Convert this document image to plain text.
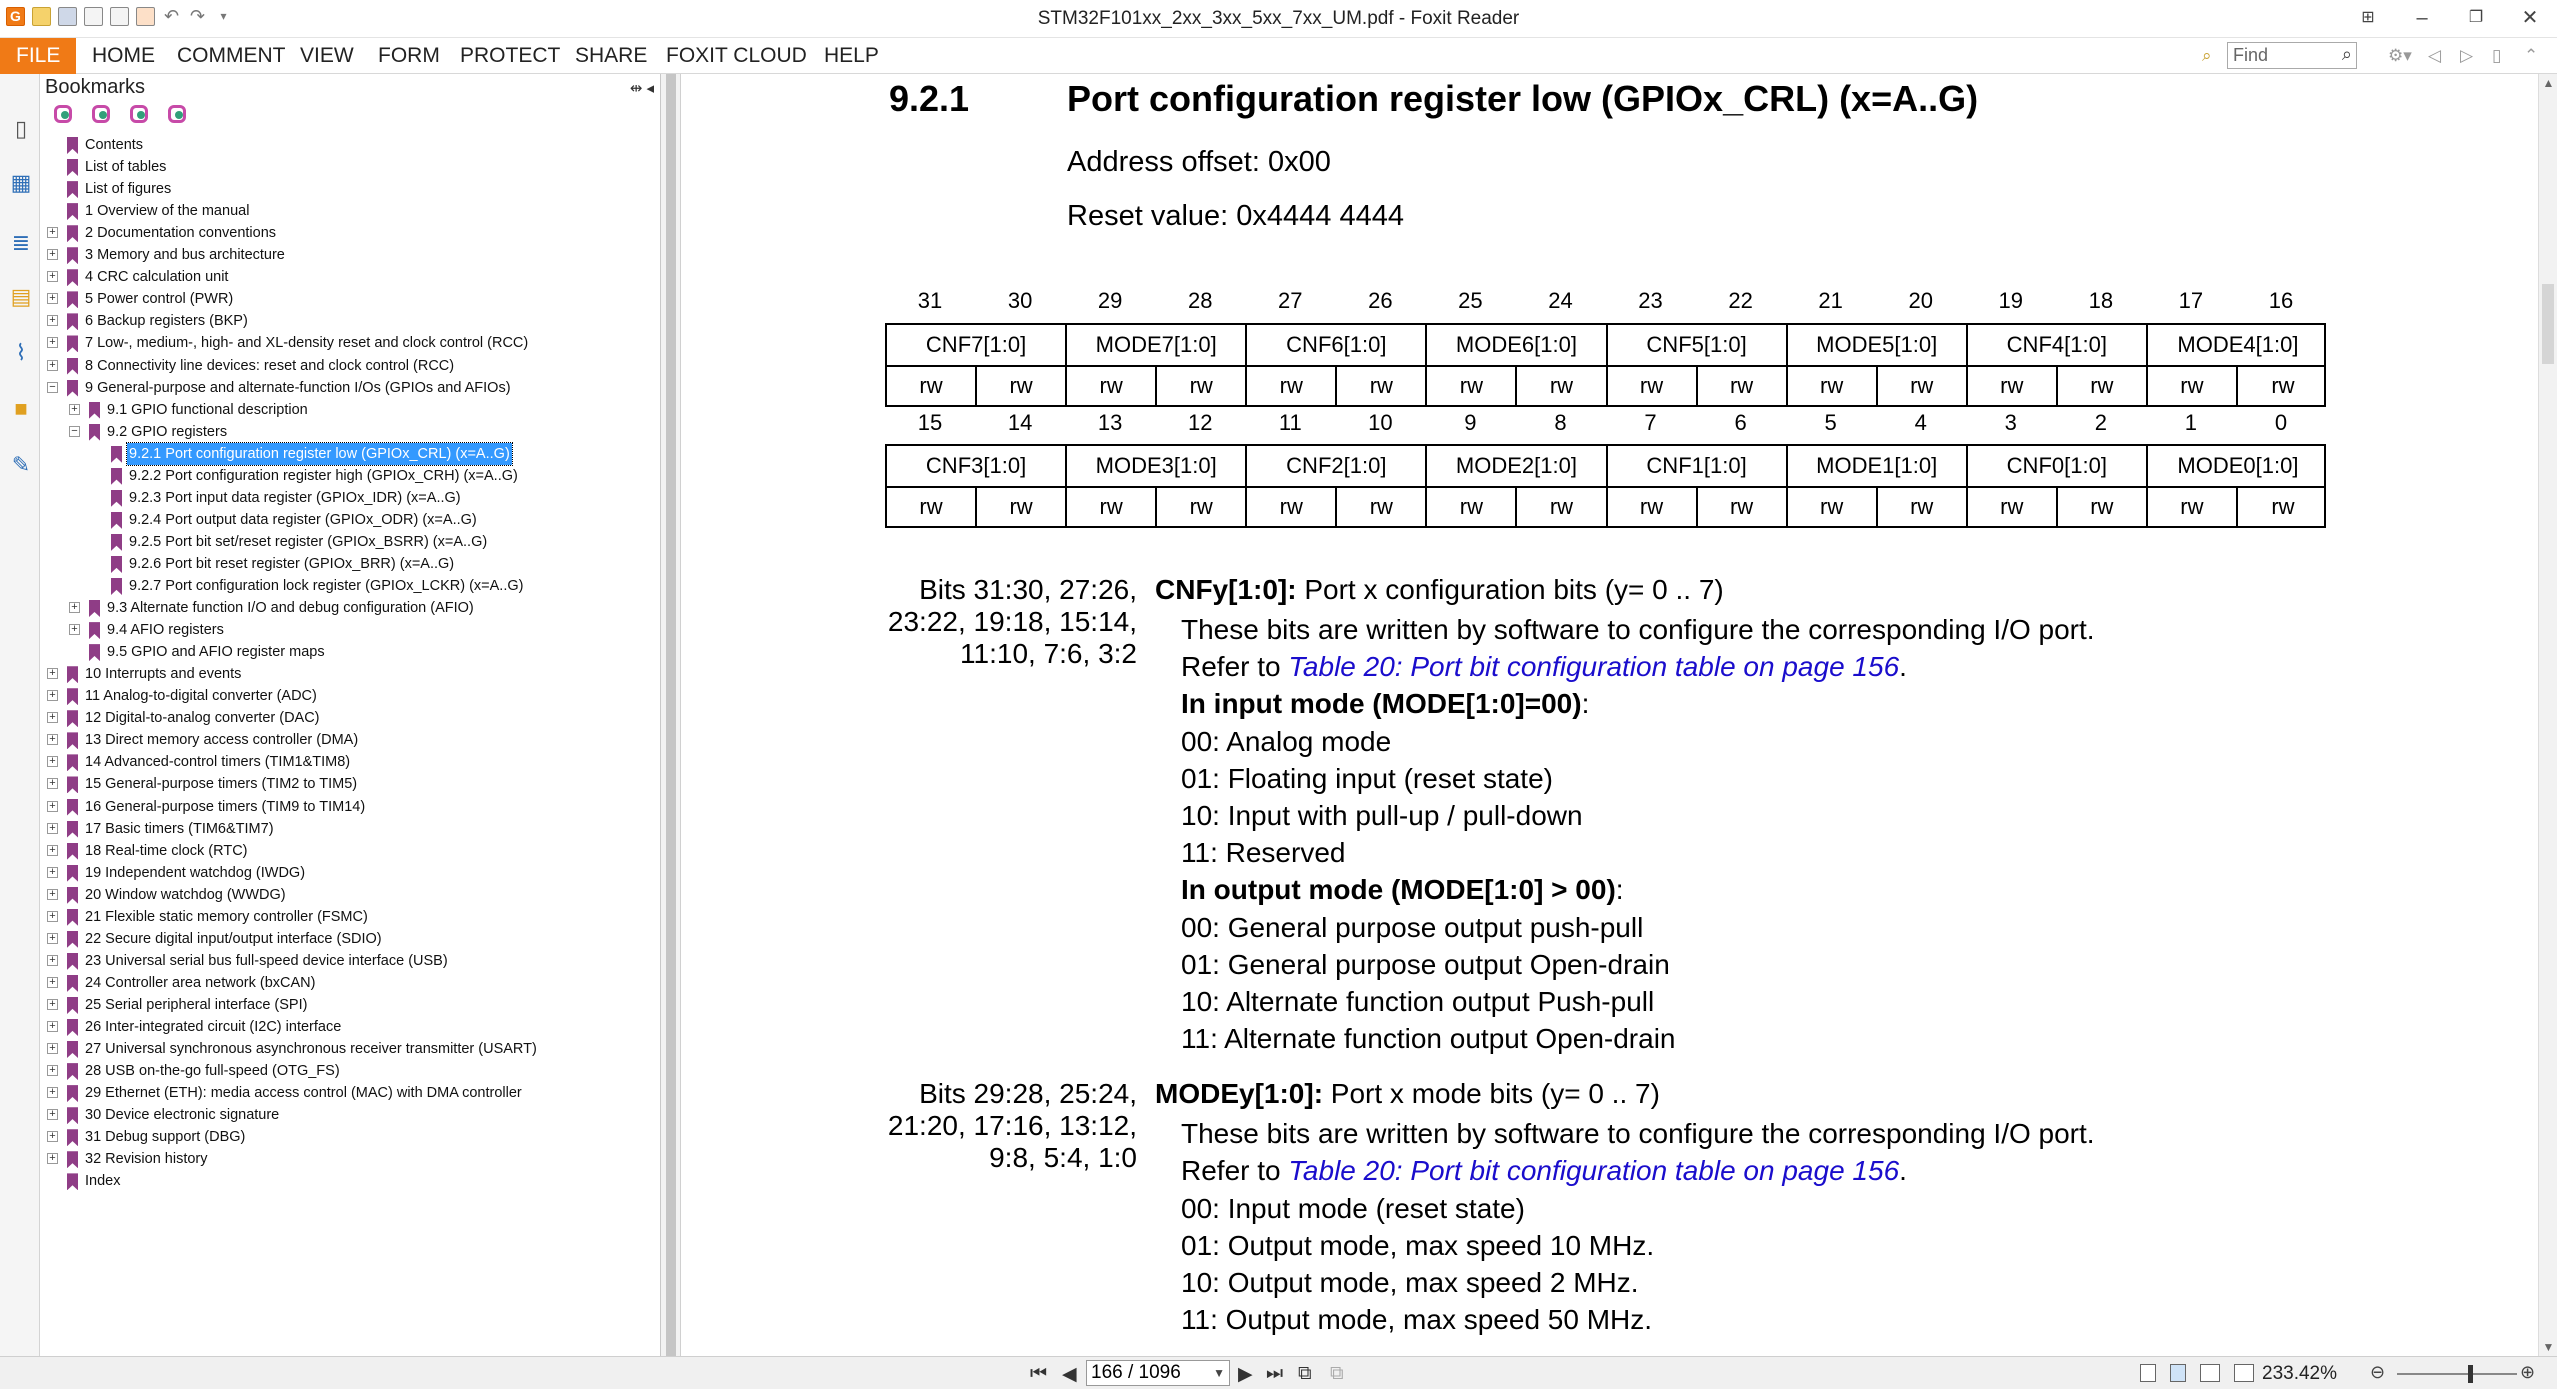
G	↶ ↷	▾	STM32F101xx_2xx_3xx_5xx_7xx_UM.pdf - Foxit Reader	⊞	–	❐	✕
FILE	HOME COMMENT VIEW FORM PROTECT SHARE FOXIT CLOUD HELP	⌕	Find	⌕ ⚙▾ ◁ ▷ ▯ ⌃
▯
▦
≣
▤
⌇
■
✎
Bookmarks	⇹ ◂
Contents
List of tables
List of figures
1 Overview of the manual
+ 2 Documentation conventions
+ 3 Memory and bus architecture
+ 4 CRC calculation unit
+ 5 Power control (PWR)
+ 6 Backup registers (BKP)
+ 7 Low-, medium-, high- and XL-density reset and clock control (RCC)
+ 8 Connectivity line devices: reset and clock control (RCC)
− 9 General-purpose and alternate-function I/Os (GPIOs and AFIOs)
+ 9.1 GPIO functional description
− 9.2 GPIO registers
9.2.1 Port configuration register low (GPIOx_CRL) (x=A..G)
9.2.2 Port configuration register high (GPIOx_CRH) (x=A..G)
9.2.3 Port input data register (GPIOx_IDR) (x=A..G)
9.2.4 Port output data register (GPIOx_ODR) (x=A..G)
9.2.5 Port bit set/reset register (GPIOx_BSRR) (x=A..G)
9.2.6 Port bit reset register (GPIOx_BRR) (x=A..G)
9.2.7 Port configuration lock register (GPIOx_LCKR) (x=A..G)
+ 9.3 Alternate function I/O and debug configuration (AFIO)
+ 9.4 AFIO registers
9.5 GPIO and AFIO register maps
+ 10 Interrupts and events
+ 11 Analog-to-digital converter (ADC)
+ 12 Digital-to-analog converter (DAC)
+ 13 Direct memory access controller (DMA)
+ 14 Advanced-control timers (TIM1&TIM8)
+ 15 General-purpose timers (TIM2 to TIM5)
+ 16 General-purpose timers (TIM9 to TIM14)
+ 17 Basic timers (TIM6&TIM7)
+ 18 Real-time clock (RTC)
+ 19 Independent watchdog (IWDG)
+ 20 Window watchdog (WWDG)
+ 21 Flexible static memory controller (FSMC)
+ 22 Secure digital input/output interface (SDIO)
+ 23 Universal serial bus full-speed device interface (USB)
+ 24 Controller area network (bxCAN)
+ 25 Serial peripheral interface (SPI)
+ 26 Inter-integrated circuit (I2C) interface
+ 27 Universal synchronous asynchronous receiver transmitter (USART)
+ 28 USB on-the-go full-speed (OTG_FS)
+ 29 Ethernet (ETH): media access control (MAC) with DMA controller
+ 30 Device electronic signature
+ 31 Debug support (DBG)
+ 32 Revision history
Index
9.2.1	Port configuration register low (GPIOx_CRL) (x=A..G)
Address offset: 0x00
Reset value: 0x4444 4444
31	30	29	28	27	26	25	24	23	22	21	20	19	18	17	16
CNF7[1:0]	MODE7[1:0]	CNF6[1:0]	MODE6[1:0]	CNF5[1:0]	MODE5[1:0]	CNF4[1:0]	MODE4[1:0]
rw	rw	rw	rw	rw	rw	rw	rw	rw	rw	rw	rw	rw	rw	rw	rw
15	14	13	12	11	10	9	8	7	6	5	4	3	2	1	0
CNF3[1:0]	MODE3[1:0]	CNF2[1:0]	MODE2[1:0]	CNF1[1:0]	MODE1[1:0]	CNF0[1:0]	MODE0[1:0]
rw	rw	rw	rw	rw	rw	rw	rw	rw	rw	rw	rw	rw	rw	rw	rw
Bits 31:30, 27:26,
23:22, 19:18, 15:14,
11:10, 7:6, 3:2
CNFy[1:0]: Port x configuration bits (y= 0 .. 7)
These bits are written by software to configure the corresponding I/O port.
Refer to Table 20: Port bit configuration table on page 156.
In input mode (MODE[1:0]=00):
00: Analog mode
01: Floating input (reset state)
10: Input with pull-up / pull-down
11: Reserved
In output mode (MODE[1:0] > 00):
00: General purpose output push-pull
01: General purpose output Open-drain
10: Alternate function output Push-pull
11: Alternate function output Open-drain
Bits 29:28, 25:24,
21:20, 17:16, 13:12,
9:8, 5:4, 1:0
MODEy[1:0]: Port x mode bits (y= 0 .. 7)
These bits are written by software to configure the corresponding I/O port.
Refer to Table 20: Port bit configuration table on page 156.
00: Input mode (reset state)
01: Output mode, max speed 10 MHz.
10: Output mode, max speed 2 MHz.
11: Output mode, max speed 50 MHz.
▲
▼
⏮ ◀ 166 / 1096	▼ ▶ ⏭ ⧉ ⧉	233.42% ⊖	⊕
